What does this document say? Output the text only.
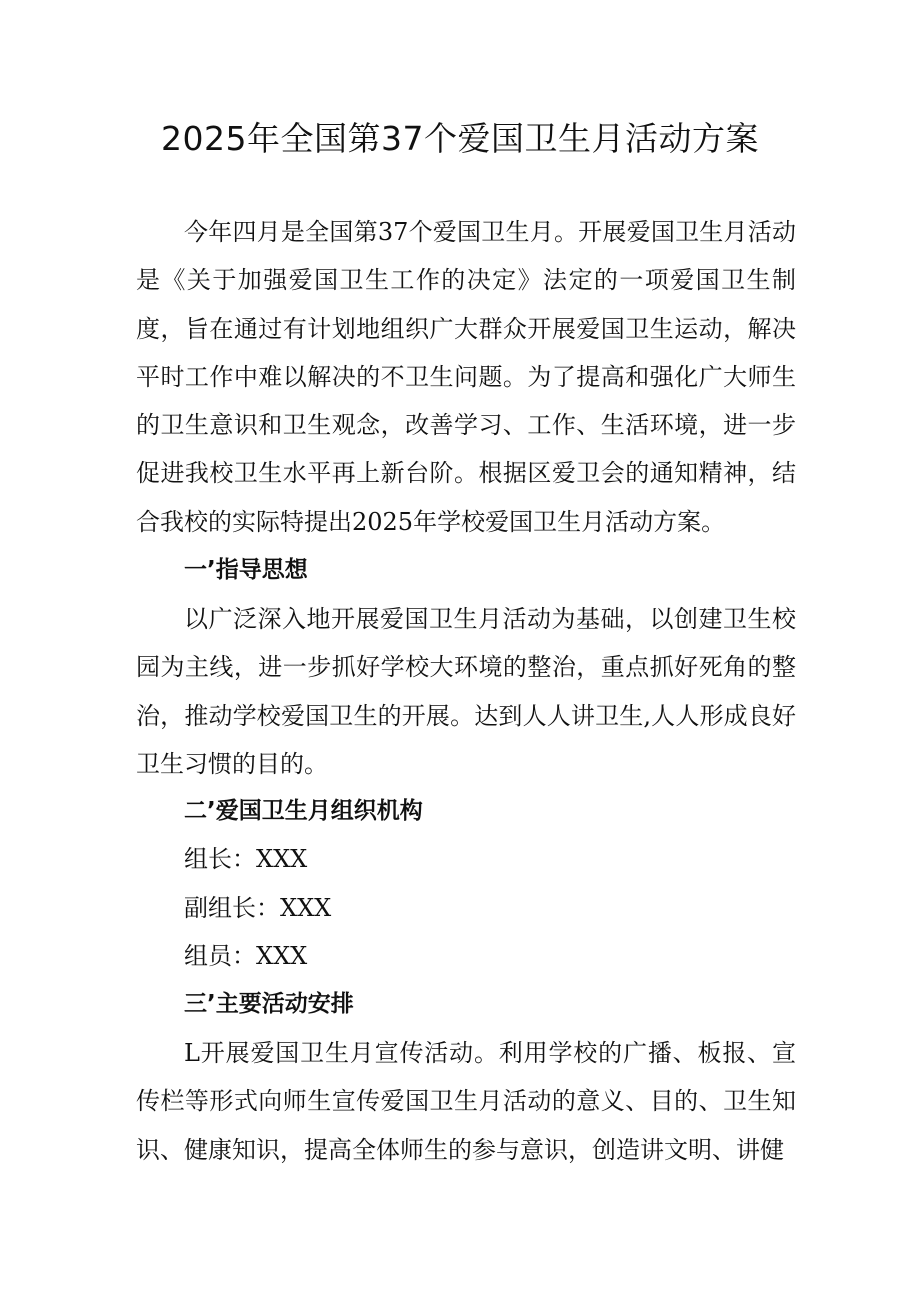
2025年全国第37个爱国卫生月活动方案

今年四月是全国第37个爱国卫生月。开展爱国卫生月活动是《关于加强爱国卫生工作的决定》法定的一项爱国卫生制度，旨在通过有计划地组织广大群众开展爱国卫生运动，解决平时工作中难以解决的不卫生问题。为了提高和强化广大师生的卫生意识和卫生观念，改善学习、工作、生活环境，进一步促进我校卫生水平再上新台阶。根据区爱卫会的通知精神，结合我校的实际特提出2025年学校爱国卫生月活动方案。

一’指导思想

以广泛深入地开展爱国卫生月活动为基础，以创建卫生校园为主线，进一步抓好学校大环境的整治，重点抓好死角的整治，推动学校爱国卫生的开展。达到人人讲卫生,人人形成良好卫生习惯的目的。

二’爱国卫生月组织机构

组长：XXX

副组长：XXX

组员：XXX

三’主要活动安排

L开展爱国卫生月宣传活动。利用学校的广播、板报、宣传栏等形式向师生宣传爱国卫生月活动的意义、目的、卫生知识、健康知识，提高全体师生的参与意识，创造讲文明、讲健
